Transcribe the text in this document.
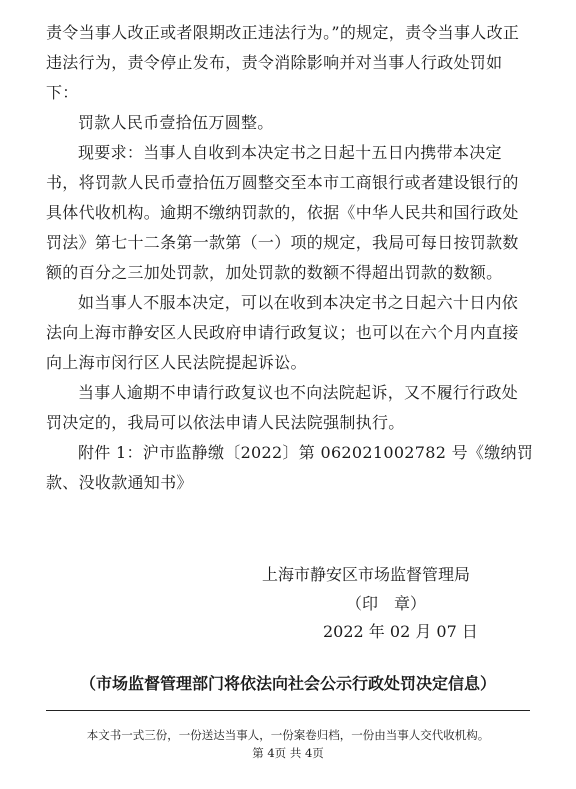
责令当事人改正或者限期改正违法行为。”的规定，责令当事人改正违法行为，责令停止发布，责令消除影响并对当事人行政处罚如下：

罚款人民币壹拾伍万圆整。

现要求：当事人自收到本决定书之日起十五日内携带本决定书，将罚款人民币壹拾伍万圆整交至本市工商银行或者建设银行的具体代收机构。逾期不缴纳罚款的，依据《中华人民共和国行政处罚法》第七十二条第一款第（一）项的规定，我局可每日按罚款数额的百分之三加处罚款，加处罚款的数额不得超出罚款的数额。

如当事人不服本决定，可以在收到本决定书之日起六十日内依法向上海市静安区人民政府申请行政复议；也可以在六个月内直接向上海市闵行区人民法院提起诉讼。

当事人逾期不申请行政复议也不向法院起诉，又不履行行政处罚决定的，我局可以依法申请人民法院强制执行。

附件 1：沪市监静缴〔2022〕第 062021002782 号《缴纳罚款、没收款通知书》

上海市静安区市场监督管理局
（印　章）
2022 年 02 月 07 日
（市场监督管理部门将依法向社会公示行政处罚决定信息）
本文书一式三份，一份送达当事人，一份案卷归档，一份由当事人交代收机构。
第 4页 共 4页
